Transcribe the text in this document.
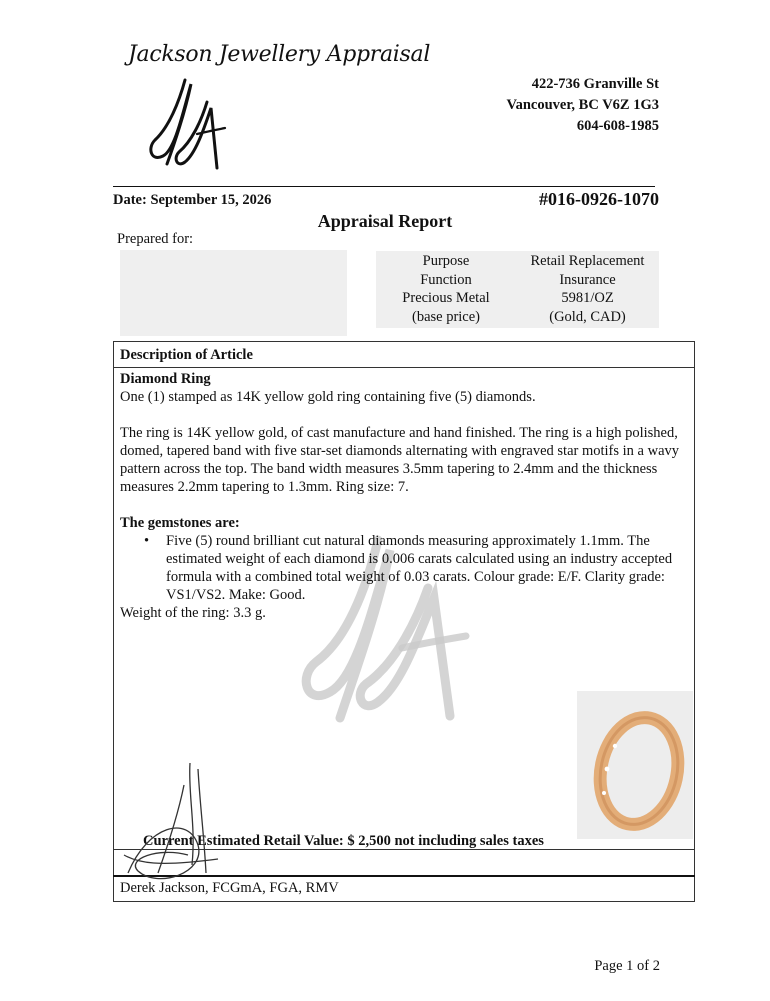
Jackson Jewellery Appraisal
422-736 Granville St
Vancouver, BC V6Z 1G3
604-608-1985
Date: September 15, 2026	#016-0926-1070
Appraisal Report
Prepared for:
Purpose
Function
Precious Metal
(base price)
Retail Replacement
Insurance
5981/OZ
(Gold, CAD)
Description of Article

Diamond Ring

One (1) stamped as 14K yellow gold ring containing five (5) diamonds.

The ring is 14K yellow gold, of cast manufacture and hand finished. The ring is a high polished, domed, tapered band with five star-set diamonds alternating with engraved star motifs in a wavy pattern across the top. The band width measures 3.5mm tapering to 2.4mm and the thickness measures 2.2mm tapering to 1.3mm. Ring size: 7.

The gemstones are:

•	Five (5) round brilliant cut natural diamonds measuring approximately 1.1mm. The estimated weight of each diamond is 0.006 carats calculated using an industry accepted formula with a combined total weight of 0.03 carats. Colour grade: E/F. Clarity grade: VS1/VS2. Make: Good.

Weight of the ring: 3.3 g.

Current Estimated Retail Value: $ 2,500 not including sales taxes
Derek Jackson, FCGmA, FGA, RMV
Page 1 of 2
